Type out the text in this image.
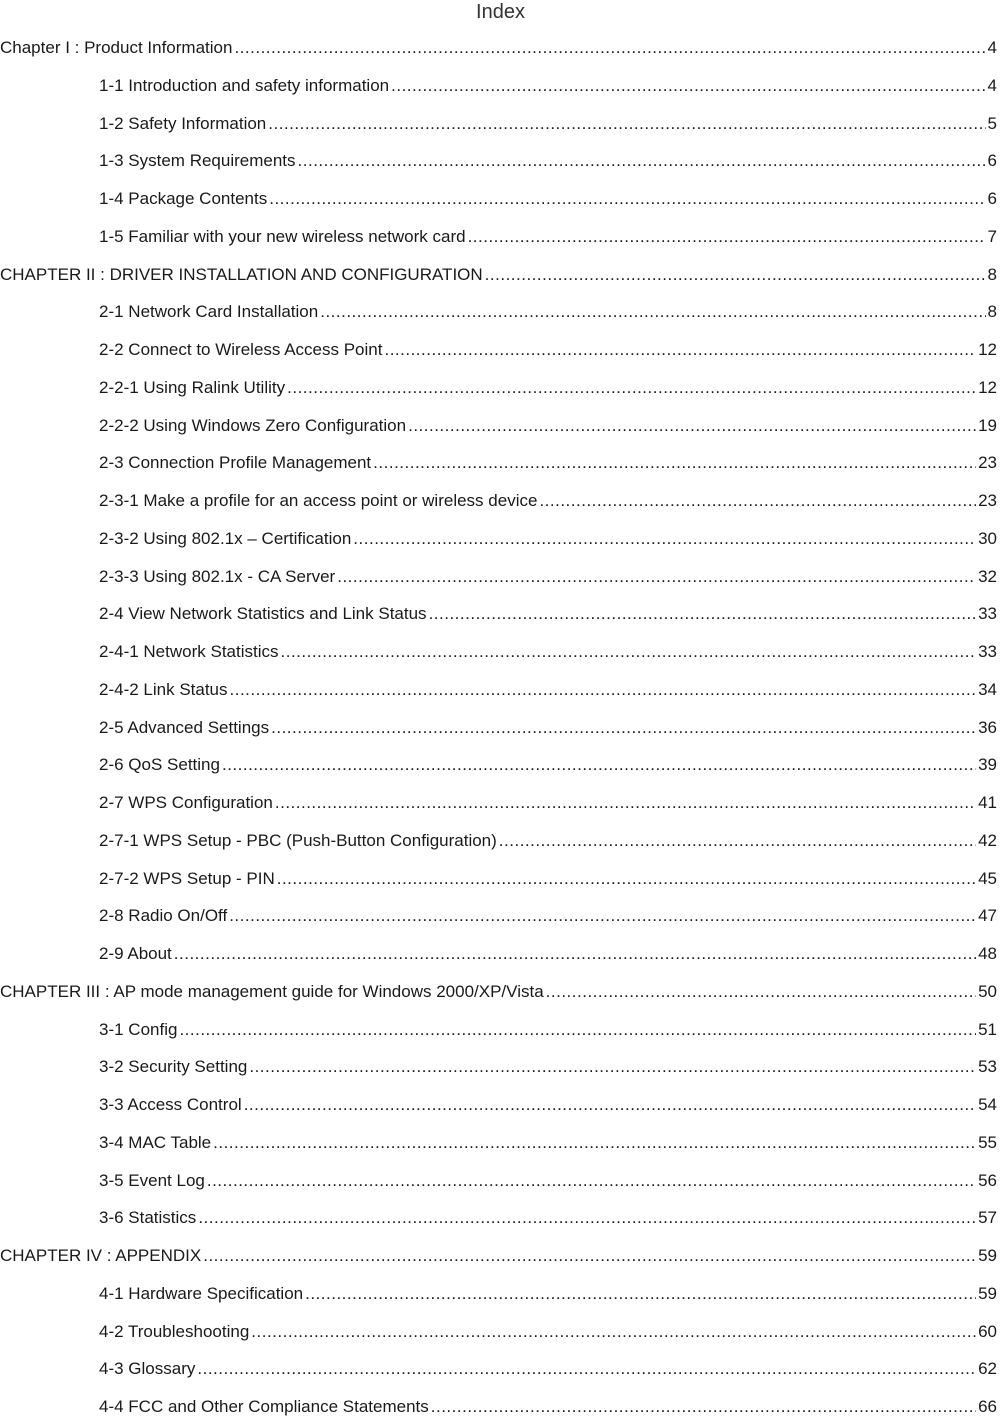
Index
Chapter I : Product Information .....	4
1-1 Introduction and safety information .....	4
1-2 Safety Information .....	5
1-3 System Requirements .....	6
1-4 Package Contents .....	6
1-5 Familiar with your new wireless network card .....	7
CHAPTER II : DRIVER INSTALLATION AND CONFIGURATION .....	8
2-1 Network Card Installation .....	8
2-2 Connect to Wireless Access Point .....	12
2-2-1 Using Ralink Utility .....	12
2-2-2 Using Windows Zero Configuration .....	19
2-3 Connection Profile Management .....	23
2-3-1 Make a profile for an access point or wireless device .....	23
2-3-2 Using 802.1x – Certification .....	30
2-3-3 Using 802.1x - CA Server .....	32
2-4 View Network Statistics and Link Status .....	33
2-4-1 Network Statistics .....	33
2-4-2 Link Status .....	34
2-5 Advanced Settings .....	36
2-6 QoS Setting .....	39
2-7 WPS Configuration .....	41
2-7-1 WPS Setup - PBC (Push-Button Configuration) .....	42
2-7-2 WPS Setup - PIN .....	45
2-8 Radio On/Off .....	47
2-9 About .....	48
CHAPTER III : AP mode management guide for Windows 2000/XP/Vista .....	50
3-1 Config .....	51
3-2 Security Setting .....	53
3-3 Access Control .....	54
3-4 MAC Table .....	55
3-5 Event Log .....	56
3-6 Statistics .....	57
CHAPTER IV : APPENDIX .....	59
4-1 Hardware Specification .....	59
4-2 Troubleshooting .....	60
4-3 Glossary .....	62
4-4 FCC and Other Compliance Statements .....	66
